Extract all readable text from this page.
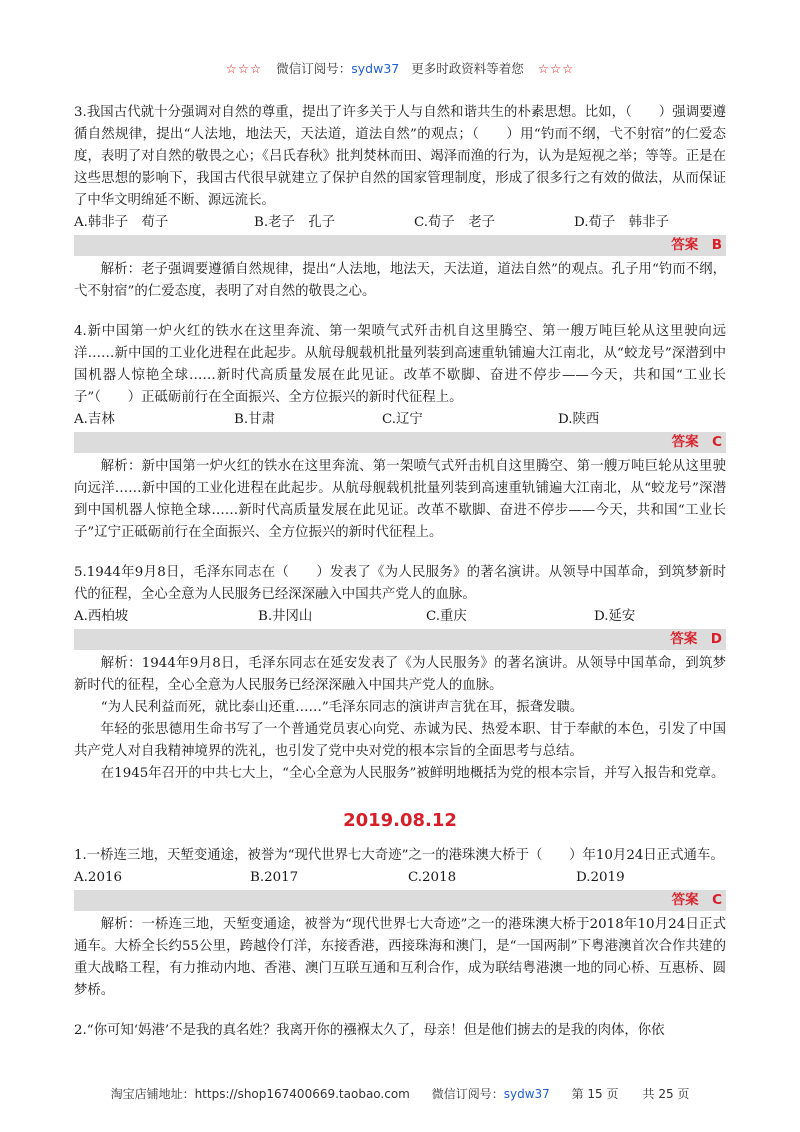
☆☆☆ 微信订阅号：sydw37 更多时政资料等着您 ☆☆☆

3.我国古代就十分强调对自然的尊重，提出了许多关于人与自然和谐共生的朴素思想。比如，（　　）强调要遵循自然规律，提出“人法地，地法天，天法道，道法自然”的观点；（　　）用“钓而不纲，弋不射宿”的仁爱态度，表明了对自然的敬畏之心；《吕氏春秋》批判焚林而田、竭泽而渔的行为，认为是短视之举；等等。正是在这些思想的影响下，我国古代很早就建立了保护自然的国家管理制度，形成了很多行之有效的做法，从而保证了中华文明绵延不断、源远流长。

A.韩非子　荀子	B.老子　孔子	C.荀子　老子	D.荀子　韩非子
答案　B

解析：老子强调要遵循自然规律，提出“人法地，地法天，天法道，道法自然”的观点。孔子用“钓而不纲，弋不射宿”的仁爱态度，表明了对自然的敬畏之心。

4.新中国第一炉火红的铁水在这里奔流、第一架喷气式歼击机自这里腾空、第一艘万吨巨轮从这里驶向远洋……新中国的工业化进程在此起步。从航母舰载机批量列装到高速重轨铺遍大江南北，从“蛟龙号”深潜到中国机器人惊艳全球……新时代高质量发展在此见证。改革不歇脚、奋进不停步——今天，共和国“工业长子”（　　）正砥砺前行在全面振兴、全方位振兴的新时代征程上。

A.吉林	B.甘肃	C.辽宁	D.陕西
答案　C

解析：新中国第一炉火红的铁水在这里奔流、第一架喷气式歼击机自这里腾空、第一艘万吨巨轮从这里驶向远洋……新中国的工业化进程在此起步。从航母舰载机批量列装到高速重轨铺遍大江南北，从“蛟龙号”深潜到中国机器人惊艳全球……新时代高质量发展在此见证。改革不歇脚、奋进不停步——今天，共和国“工业长子”辽宁正砥砺前行在全面振兴、全方位振兴的新时代征程上。

5.1944年9月8日，毛泽东同志在（　　）发表了《为人民服务》的著名演讲。从领导中国革命，到筑梦新时代的征程，全心全意为人民服务已经深深融入中国共产党人的血脉。

A.西柏坡	B.井冈山	C.重庆	D.延安
答案　D

解析：1944年9月8日，毛泽东同志在延安发表了《为人民服务》的著名演讲。从领导中国革命，到筑梦新时代的征程，全心全意为人民服务已经深深融入中国共产党人的血脉。

“为人民利益而死，就比泰山还重……”毛泽东同志的演讲声言犹在耳，振聋发聩。

年轻的张思德用生命书写了一个普通党员衷心向党、赤诚为民、热爱本职、甘于奉献的本色，引发了中国共产党人对自我精神境界的洗礼，也引发了党中央对党的根本宗旨的全面思考与总结。

在1945年召开的中共七大上，“全心全意为人民服务”被鲜明地概括为党的根本宗旨，并写入报告和党章。

2019.08.12

1.一桥连三地，天堑变通途，被誉为“现代世界七大奇迹”之一的港珠澳大桥于（　　）年10月24日正式通车。

A.2016	B.2017	C.2018	D.2019
答案　C

解析：一桥连三地，天堑变通途，被誉为“现代世界七大奇迹”之一的港珠澳大桥于2018年10月24日正式通车。大桥全长约55公里，跨越伶仃洋，东接香港，西接珠海和澳门，是“一国两制”下粤港澳首次合作共建的重大战略工程，有力推动内地、香港、澳门互联互通和互利合作，成为联结粤港澳一地的同心桥、互惠桥、圆梦桥。

2.“你可知‘妈港’不是我的真名姓？我离开你的襁褓太久了，母亲！但是他们掳去的是我的肉体，你依

淘宝店铺地址：https://shop167400669.taobao.com 微信订阅号：sydw37 第 15 页　　共 25 页
